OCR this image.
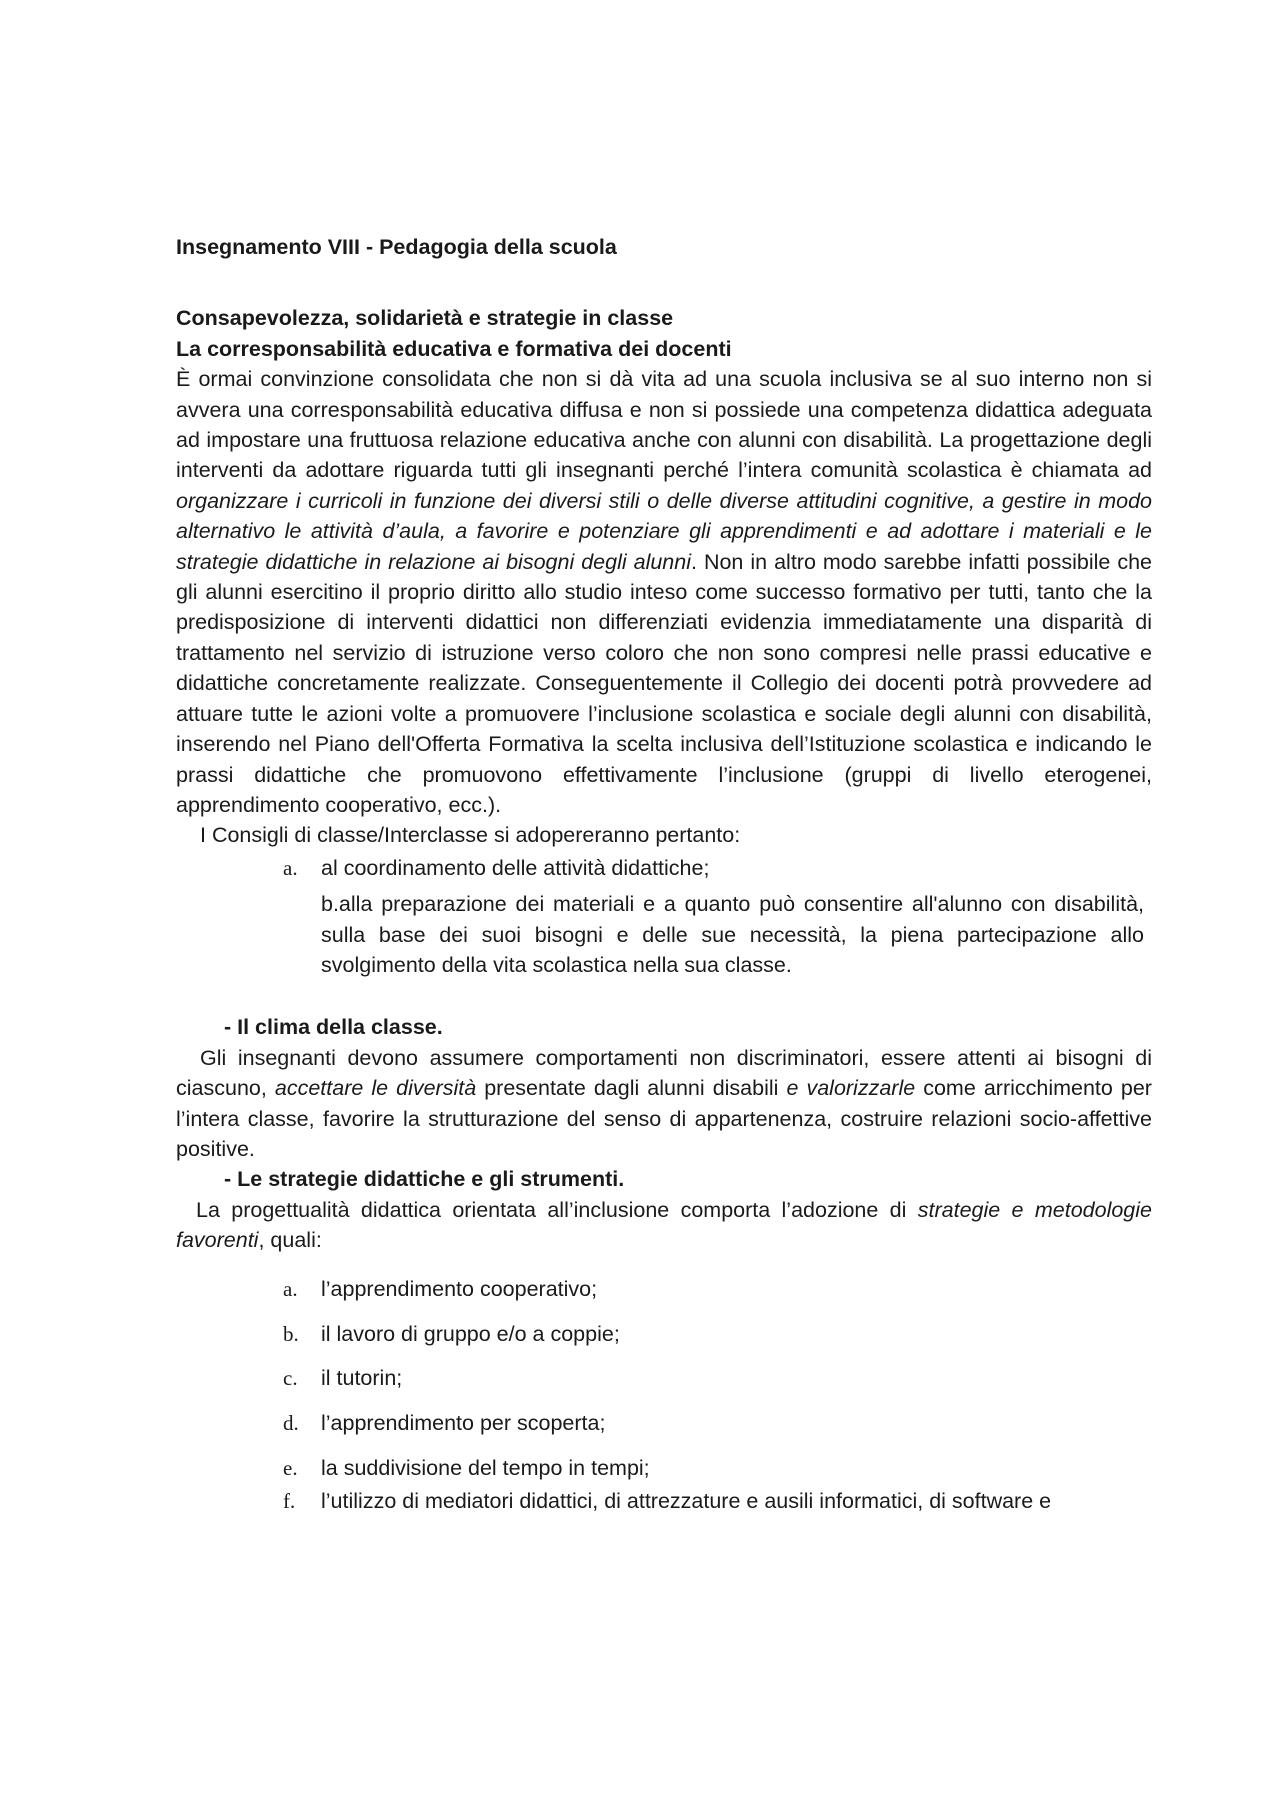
Insegnamento VIII - Pedagogia della scuola

Consapevolezza, solidarietà e strategie in classe

La corresponsabilità educativa e formativa dei docenti

È ormai convinzione consolidata che non si dà vita ad una scuola inclusiva se al suo interno non si avvera una corresponsabilità educativa diffusa e non si possiede una competenza didattica adeguata ad impostare una fruttuosa relazione educativa anche con alunni con disabilità. La progettazione degli interventi da adottare riguarda tutti gli insegnanti perché l’intera comunità scolastica è chiamata ad organizzare i curricoli in funzione dei diversi stili o delle diverse attitudini cognitive, a gestire in modo alternativo le attività d’aula, a favorire e potenziare gli apprendimenti e ad adottare i materiali e le strategie didattiche in relazione ai bisogni degli alunni. Non in altro modo sarebbe infatti possibile che gli alunni esercitino il proprio diritto allo studio inteso come successo formativo per tutti, tanto che la predisposizione di interventi didattici non differenziati evidenzia immediatamente una disparità di trattamento nel servizio di istruzione verso coloro che non sono compresi nelle prassi educative e didattiche concretamente realizzate. Conseguentemente il Collegio dei docenti potrà provvedere ad attuare tutte le azioni volte a promuovere l’inclusione scolastica e sociale degli alunni con disabilità, inserendo nel Piano dell'Offerta Formativa la scelta inclusiva dell’Istituzione scolastica e indicando le prassi didattiche che promuovono effettivamente l’inclusione (gruppi di livello eterogenei, apprendimento cooperativo, ecc.).

I Consigli di classe/Interclasse si adopereranno pertanto:

a. al coordinamento delle attività didattiche;

b.alla preparazione dei materiali e a quanto può consentire all'alunno con disabilità, sulla base dei suoi bisogni e delle sue necessità, la piena partecipazione allo svolgimento della vita scolastica nella sua classe.

- Il clima della classe.

Gli insegnanti devono assumere comportamenti non discriminatori, essere attenti ai bisogni di ciascuno, accettare le diversità presentate dagli alunni disabili e valorizzarle come arricchimento per l’intera classe, favorire la strutturazione del senso di appartenenza, costruire relazioni socio-affettive positive.

- Le strategie didattiche e gli strumenti.

La progettualità didattica orientata all’inclusione comporta l’adozione di strategie e metodologie favorenti, quali:

a. l’apprendimento cooperativo;
b. il lavoro di gruppo e/o a coppie;
c. il tutorin;
d. l’apprendimento per scoperta;
e. la suddivisione del tempo in tempi;
f. l’utilizzo di mediatori didattici, di attrezzature e ausili informatici, di software e
